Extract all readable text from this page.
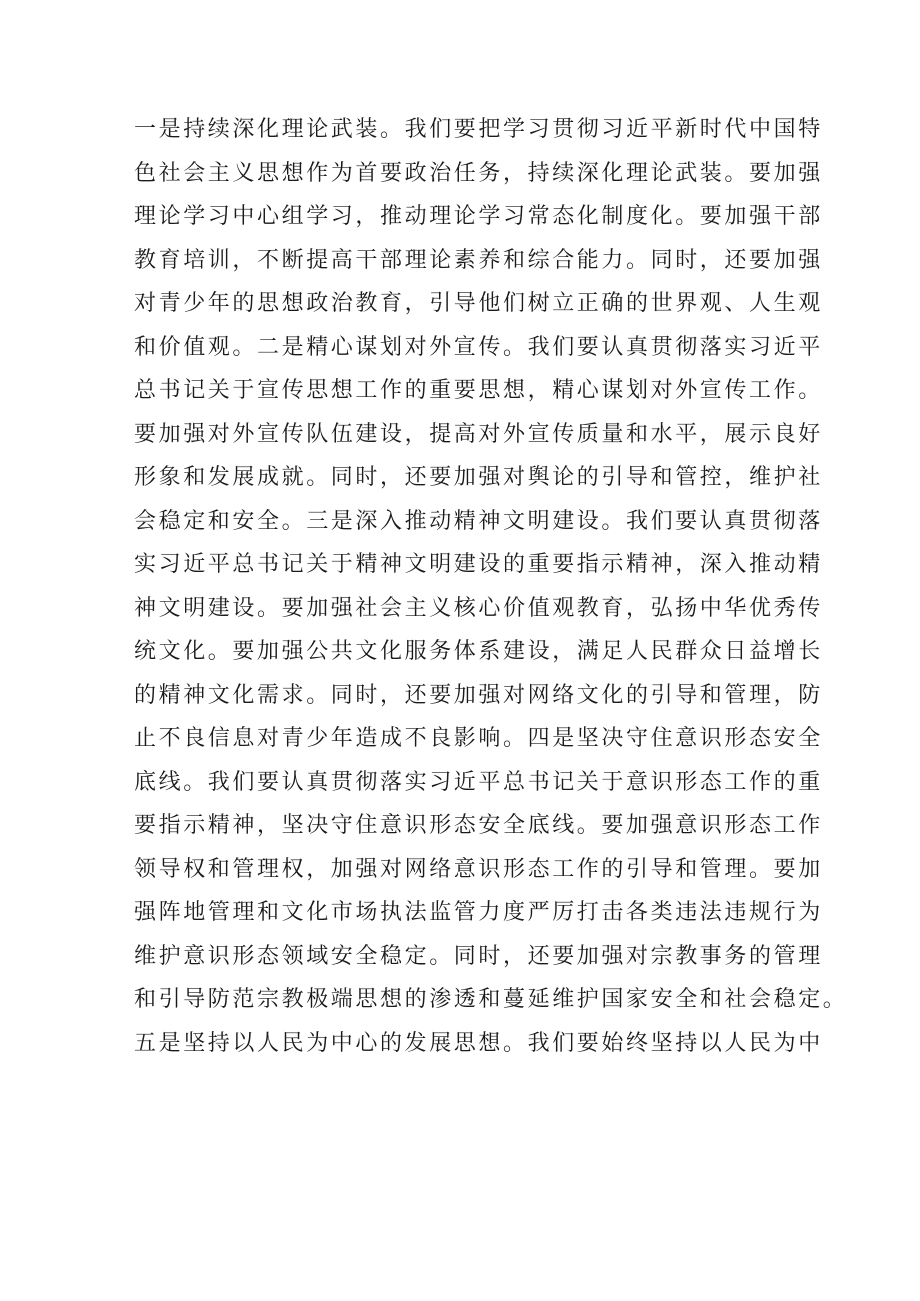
一是持续深化理论武装。我们要把学习贯彻习近平新时代中国特
色社会主义思想作为首要政治任务，持续深化理论武装。要加强
理论学习中心组学习，推动理论学习常态化制度化。要加强干部
教育培训，不断提高干部理论素养和综合能力。同时，还要加强
对青少年的思想政治教育，引导他们树立正确的世界观、人生观
和价值观。二是精心谋划对外宣传。我们要认真贯彻落实习近平
总书记关于宣传思想工作的重要思想，精心谋划对外宣传工作。
要加强对外宣传队伍建设，提高对外宣传质量和水平，展示良好
形象和发展成就。同时，还要加强对舆论的引导和管控，维护社
会稳定和安全。三是深入推动精神文明建设。我们要认真贯彻落
实习近平总书记关于精神文明建设的重要指示精神，深入推动精
神文明建设。要加强社会主义核心价值观教育，弘扬中华优秀传
统文化。要加强公共文化服务体系建设，满足人民群众日益增长
的精神文化需求。同时，还要加强对网络文化的引导和管理，防
止不良信息对青少年造成不良影响。四是坚决守住意识形态安全
底线。我们要认真贯彻落实习近平总书记关于意识形态工作的重
要指示精神，坚决守住意识形态安全底线。要加强意识形态工作
领导权和管理权，加强对网络意识形态工作的引导和管理。要加
强阵地管理和文化市场执法监管力度严厉打击各类违法违规行为
维护意识形态领域安全稳定。同时，还要加强对宗教事务的管理
和引导防范宗教极端思想的渗透和蔓延维护国家安全和社会稳定。
五是坚持以人民为中心的发展思想。我们要始终坚持以人民为中
